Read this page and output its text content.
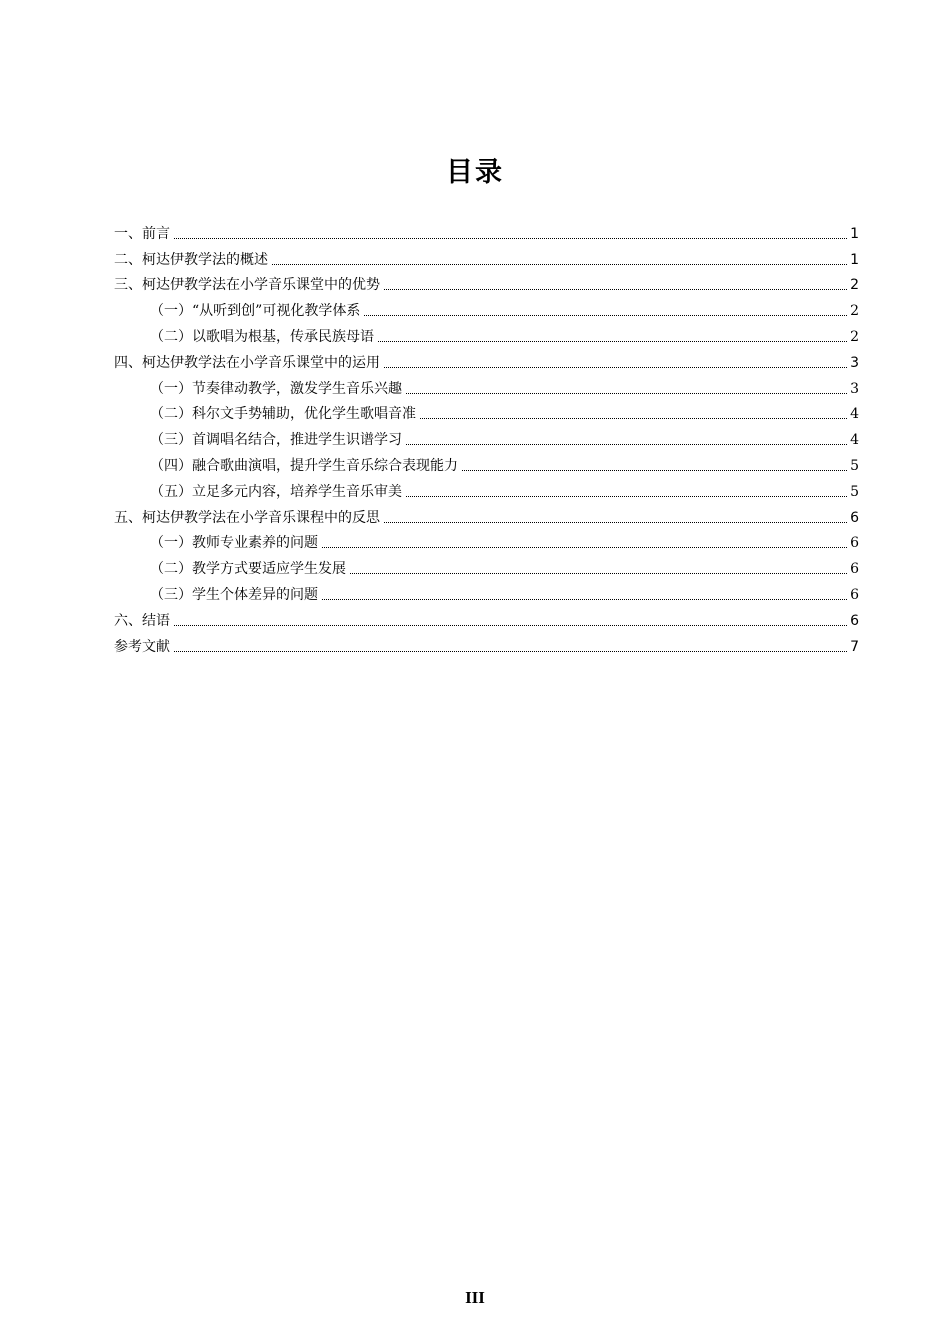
目录
一、前言	1
二、柯达伊教学法的概述	1
三、柯达伊教学法在小学音乐课堂中的优势	2
（一）“从听到创”可视化教学体系	2
（二）以歌唱为根基，传承民族母语	2
四、柯达伊教学法在小学音乐课堂中的运用	3
（一）节奏律动教学，激发学生音乐兴趣	3
（二）科尔文手势辅助，优化学生歌唱音准	4
（三）首调唱名结合，推进学生识谱学习	4
（四）融合歌曲演唱，提升学生音乐综合表现能力	5
（五）立足多元内容，培养学生音乐审美	5
五、柯达伊教学法在小学音乐课程中的反思	6
（一）教师专业素养的问题	6
（二）教学方式要适应学生发展	6
（三）学生个体差异的问题	6
六、结语	6
参考文献	7
III
